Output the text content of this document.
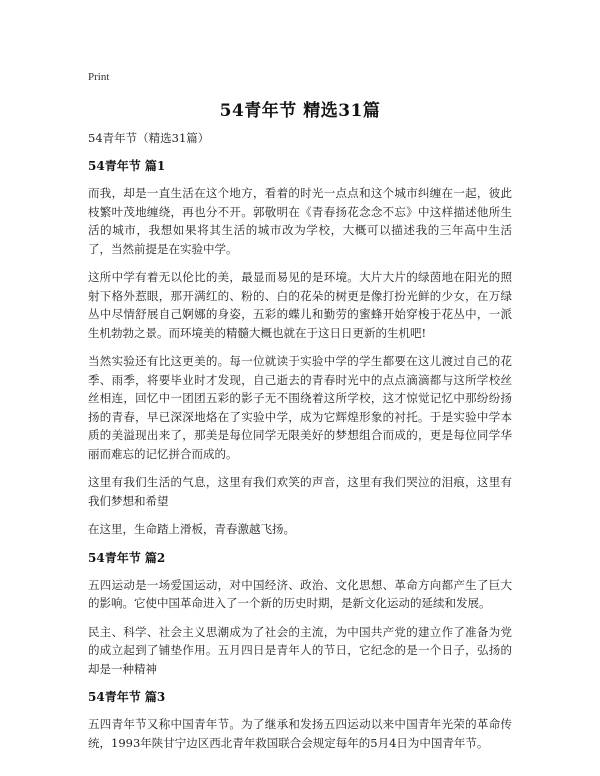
Print
54青年节 精选31篇
54青年节（精选31篇）
54青年节 篇1

而我，却是一直生活在这个地方，看着的时光一点点和这个城市纠缠在一起，彼此枝繁叶茂地缠绕，再也分不开。郭敬明在《青春扬花念念不忘》中这样描述他所生活的城市，我想如果将其生活的城市改为学校，大概可以描述我的三年高中生活了，当然前提是在实验中学。

这所中学有着无以伦比的美，最显而易见的是环境。大片大片的绿茵地在阳光的照射下格外惹眼，那开满红的、粉的、白的花朵的树更是像打扮光鲜的少女，在万绿丛中尽情舒展自己婀娜的身姿，五彩的蝶儿和勤劳的蜜蜂开始穿梭于花丛中，一派生机勃勃之景。而环境美的精髓大概也就在于这日日更新的生机吧!

当然实验还有比这更美的。每一位就读于实验中学的学生都要在这儿渡过自己的花季、雨季，将要毕业时才发现，自己逝去的青春时光中的点点滴滴都与这所学校丝丝相连，回忆中一团团五彩的影子无不围绕着这所学校，这才惊觉记忆中那纷纷扬扬的青春，早已深深地烙在了实验中学，成为它辉煌形象的衬托。于是实验中学本质的美溢现出来了，那美是每位同学无限美好的梦想组合而成的，更是每位同学华丽而难忘的记忆拼合而成的。

这里有我们生活的气息，这里有我们欢笑的声音，这里有我们哭泣的泪痕，这里有我们梦想和希望

在这里，生命踏上滑板，青春激越飞扬。

54青年节 篇2

五四运动是一场爱国运动，对中国经济、政治、文化思想、革命方向都产生了巨大的影响。它使中国革命进入了一个新的历史时期，是新文化运动的延续和发展。

民主、科学、社会主义思潮成为了社会的主流，为中国共产党的建立作了准备为党的成立起到了铺垫作用。五月四日是青年人的节日，它纪念的是一个日子，弘扬的却是一种精神

54青年节 篇3

五四青年节又称中国青年节。为了继承和发扬五四运动以来中国青年光荣的革命传统，1993年陕甘宁边区西北青年救国联合会规定每年的5月4日为中国青年节。
